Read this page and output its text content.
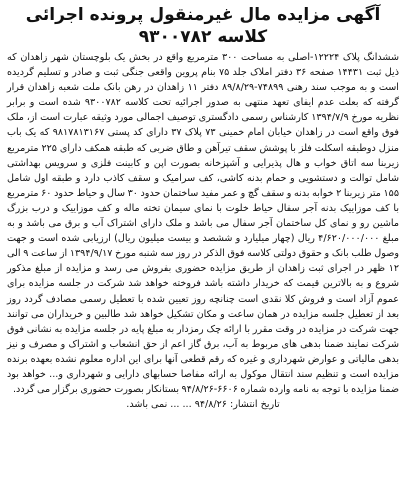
آگهی مزایده مال غیرمنقول پرونده اجرائی
کلاسه ۹۳۰۰۷۸۲

ششدانگ پلاک ۱۲۲۲۴-اصلی به مساحت ۳۰۰ مترمربع واقع در بخش یک بلوچستان شهر زاهدان که ذیل ثبت ۱۴۴۳۱ صفحه ۳۶ دفتر املاک جلد ۷۵ بنام پروین واقعی جنگی ثبت و صادر و تسلیم گردیده است و به موجب سند رهنی ۷۴۸۹۹-۸۹/۸/۲۹ دفتر ۱۱ زاهدان در رهن بانک ملت شعبه زاهدان قرار گرفته که بعلت عدم ایفای تعهد منتهی به صدور اجرائیه تحت کلاسه ۹۳۰۰۷۸۲ شده است و برابر نظریه مورخ ۱۳۹۴/۷/۹ کارشناس رسمی دادگستری توصیف اجمالی مورد وثیقه عبارت است از، ملک فوق واقع است در زاهدان خیابان امام خمینی ۷۳ پلاک ۳۷ دارای کد پستی ۹۸۱۷۸۱۳۱۶۷ که یک باب منزل دوطبقه اسکلت فلز با پوشش سقف تیرآهن و طاق ضربی که طبقه همکف دارای ۲۲۵ مترمربع زیربنا سه اتاق خواب و هال پذیرایی و آشپزخانه بصورت اپن و کابینت فلزی و سرویس بهداشتی شامل توالت و دستشویی و حمام بدنه کاشی، کف سرامیک و سقف کاذب دارد و طبقه اول شامل ۱۵۵ متر زیربنا ۲ خوابه بدنه و سقف گچ و عمر مفید ساختمان حدود ۳۰ سال و حیاط حدود ۶۰ مترمربع با کف موزاییک بدنه آجر سفال حیاط خلوت با نمای سیمان تخته ماله و کف موزاییک و درب بزرگ ماشین رو و نمای کل ساختمان آجر سفال می باشد و ملک دارای اشتراک آب و برق می باشد و به مبلغ ۴/۶۲۰/۰۰۰/۰۰۰ ریال (چهار میلیارد و ششصد و بیست میلیون ریال) ارزیابی شده است و جهت وصول طلب بانک و حقوق دولتی کلاسه فوق الذکر در روز سه شنبه مورخ ۱۳۹۴/۹/۱۷ از ساعت ۹ الی ۱۲ ظهر در اجرای ثبت زاهدان از طریق مزایده حضوری بفروش می رسد و مزایده از مبلغ مذکور شروع و به بالاترین قیمت که خریدار داشته باشد فروخته خواهد شد شرکت در جلسه مزایده برای عموم آزاد است و فروش کلا نقدی است چنانچه روز تعیین شده با تعطیل رسمی مصادف گردد روز بعد از تعطیل جلسه مزایده در همان ساعت و مکان تشکیل خواهد شد طالبین و خریداران می توانند جهت شرکت در مزایده در وقت مقرر با ارائه چک رمزدار به مبلغ پایه در جلسه مزایده به نشانی فوق شرکت نمایند ضمنا بدهی های مربوط به آب، برق گاز اعم از حق انشعاب و اشتراک و مصرف و نیز بدهی مالیاتی و عوارض شهرداری و غیره که رقم قطعی آنها برای این اداره معلوم نشده بعهده برنده مزایده است و تنظیم سند انتقال موکول به ارائه مفاصا حسابهای دارایی و شهرداری و... خواهد بود ضمنا مزایده با توجه به نامه وارده شماره ۶۶۰۶-۹۴/۸/۲۶ بستانکار بصورت حضوری برگزار می گردد.

تاریخ انتشار: ۹۴/۸/۲۶ ... ... نمی باشد.
